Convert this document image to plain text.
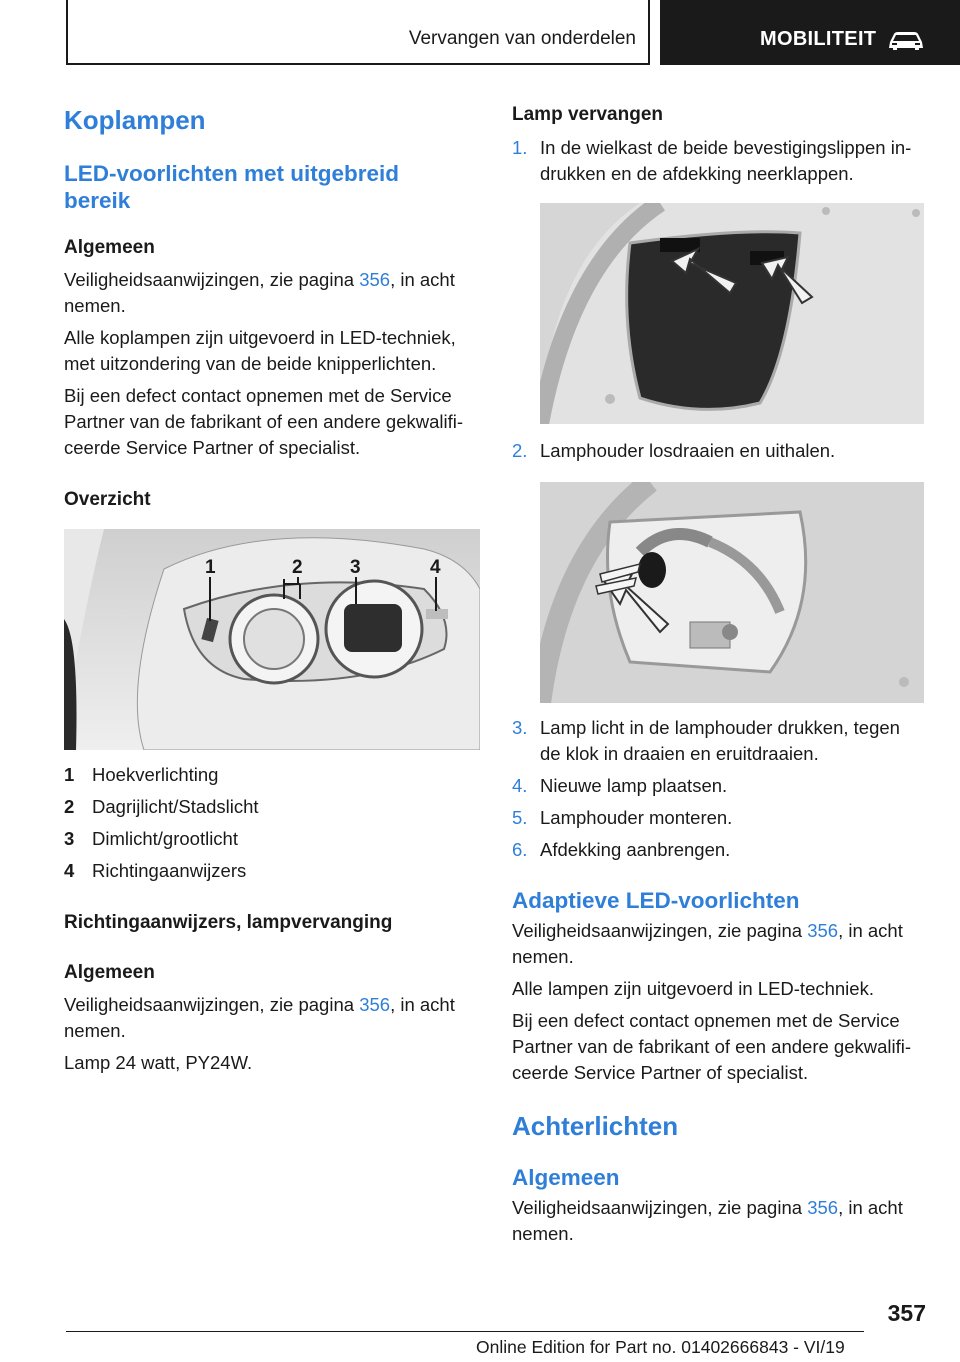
Vervangen van onderdelen	MOBILITEIT
Koplampen
LED-voorlichten met uitgebreid bereik
Algemeen
Veiligheidsaanwijzingen, zie pagina 356, in acht nemen.
Alle koplampen zijn uitgevoerd in LED-techniek, met uitzondering van de beide knipperlichten.
Bij een defect contact opnemen met de Service Partner van de fabrikant of een andere gekwalifi-ceerde Service Partner of specialist.
Overzicht
1	2 3	4
1 Hoekverlichting
2 Dagrijlicht/Stadslicht
3 Dimlicht/grootlicht
4 Richtingaanwijzers
Richtingaanwijzers, lampvervanging
Algemeen
Veiligheidsaanwijzingen, zie pagina 356, in acht nemen.
Lamp 24 watt, PY24W.
Lamp vervangen
1. In de wielkast de beide bevestigingslippen in-drukken en de afdekking neerklappen.
2. Lamphouder losdraaien en uithalen.
3. Lamp licht in de lamphouder drukken, tegen de klok in draaien en eruitdraaien.
4. Nieuwe lamp plaatsen.
5. Lamphouder monteren.
6. Afdekking aanbrengen.
Adaptieve LED-voorlichten
Veiligheidsaanwijzingen, zie pagina 356, in acht nemen.
Alle lampen zijn uitgevoerd in LED-techniek.
Bij een defect contact opnemen met de Service Partner van de fabrikant of een andere gekwalifi-ceerde Service Partner of specialist.
Achterlichten
Algemeen
Veiligheidsaanwijzingen, zie pagina 356, in acht nemen.
357
Online Edition for Part no. 01402666843 - VI/19
